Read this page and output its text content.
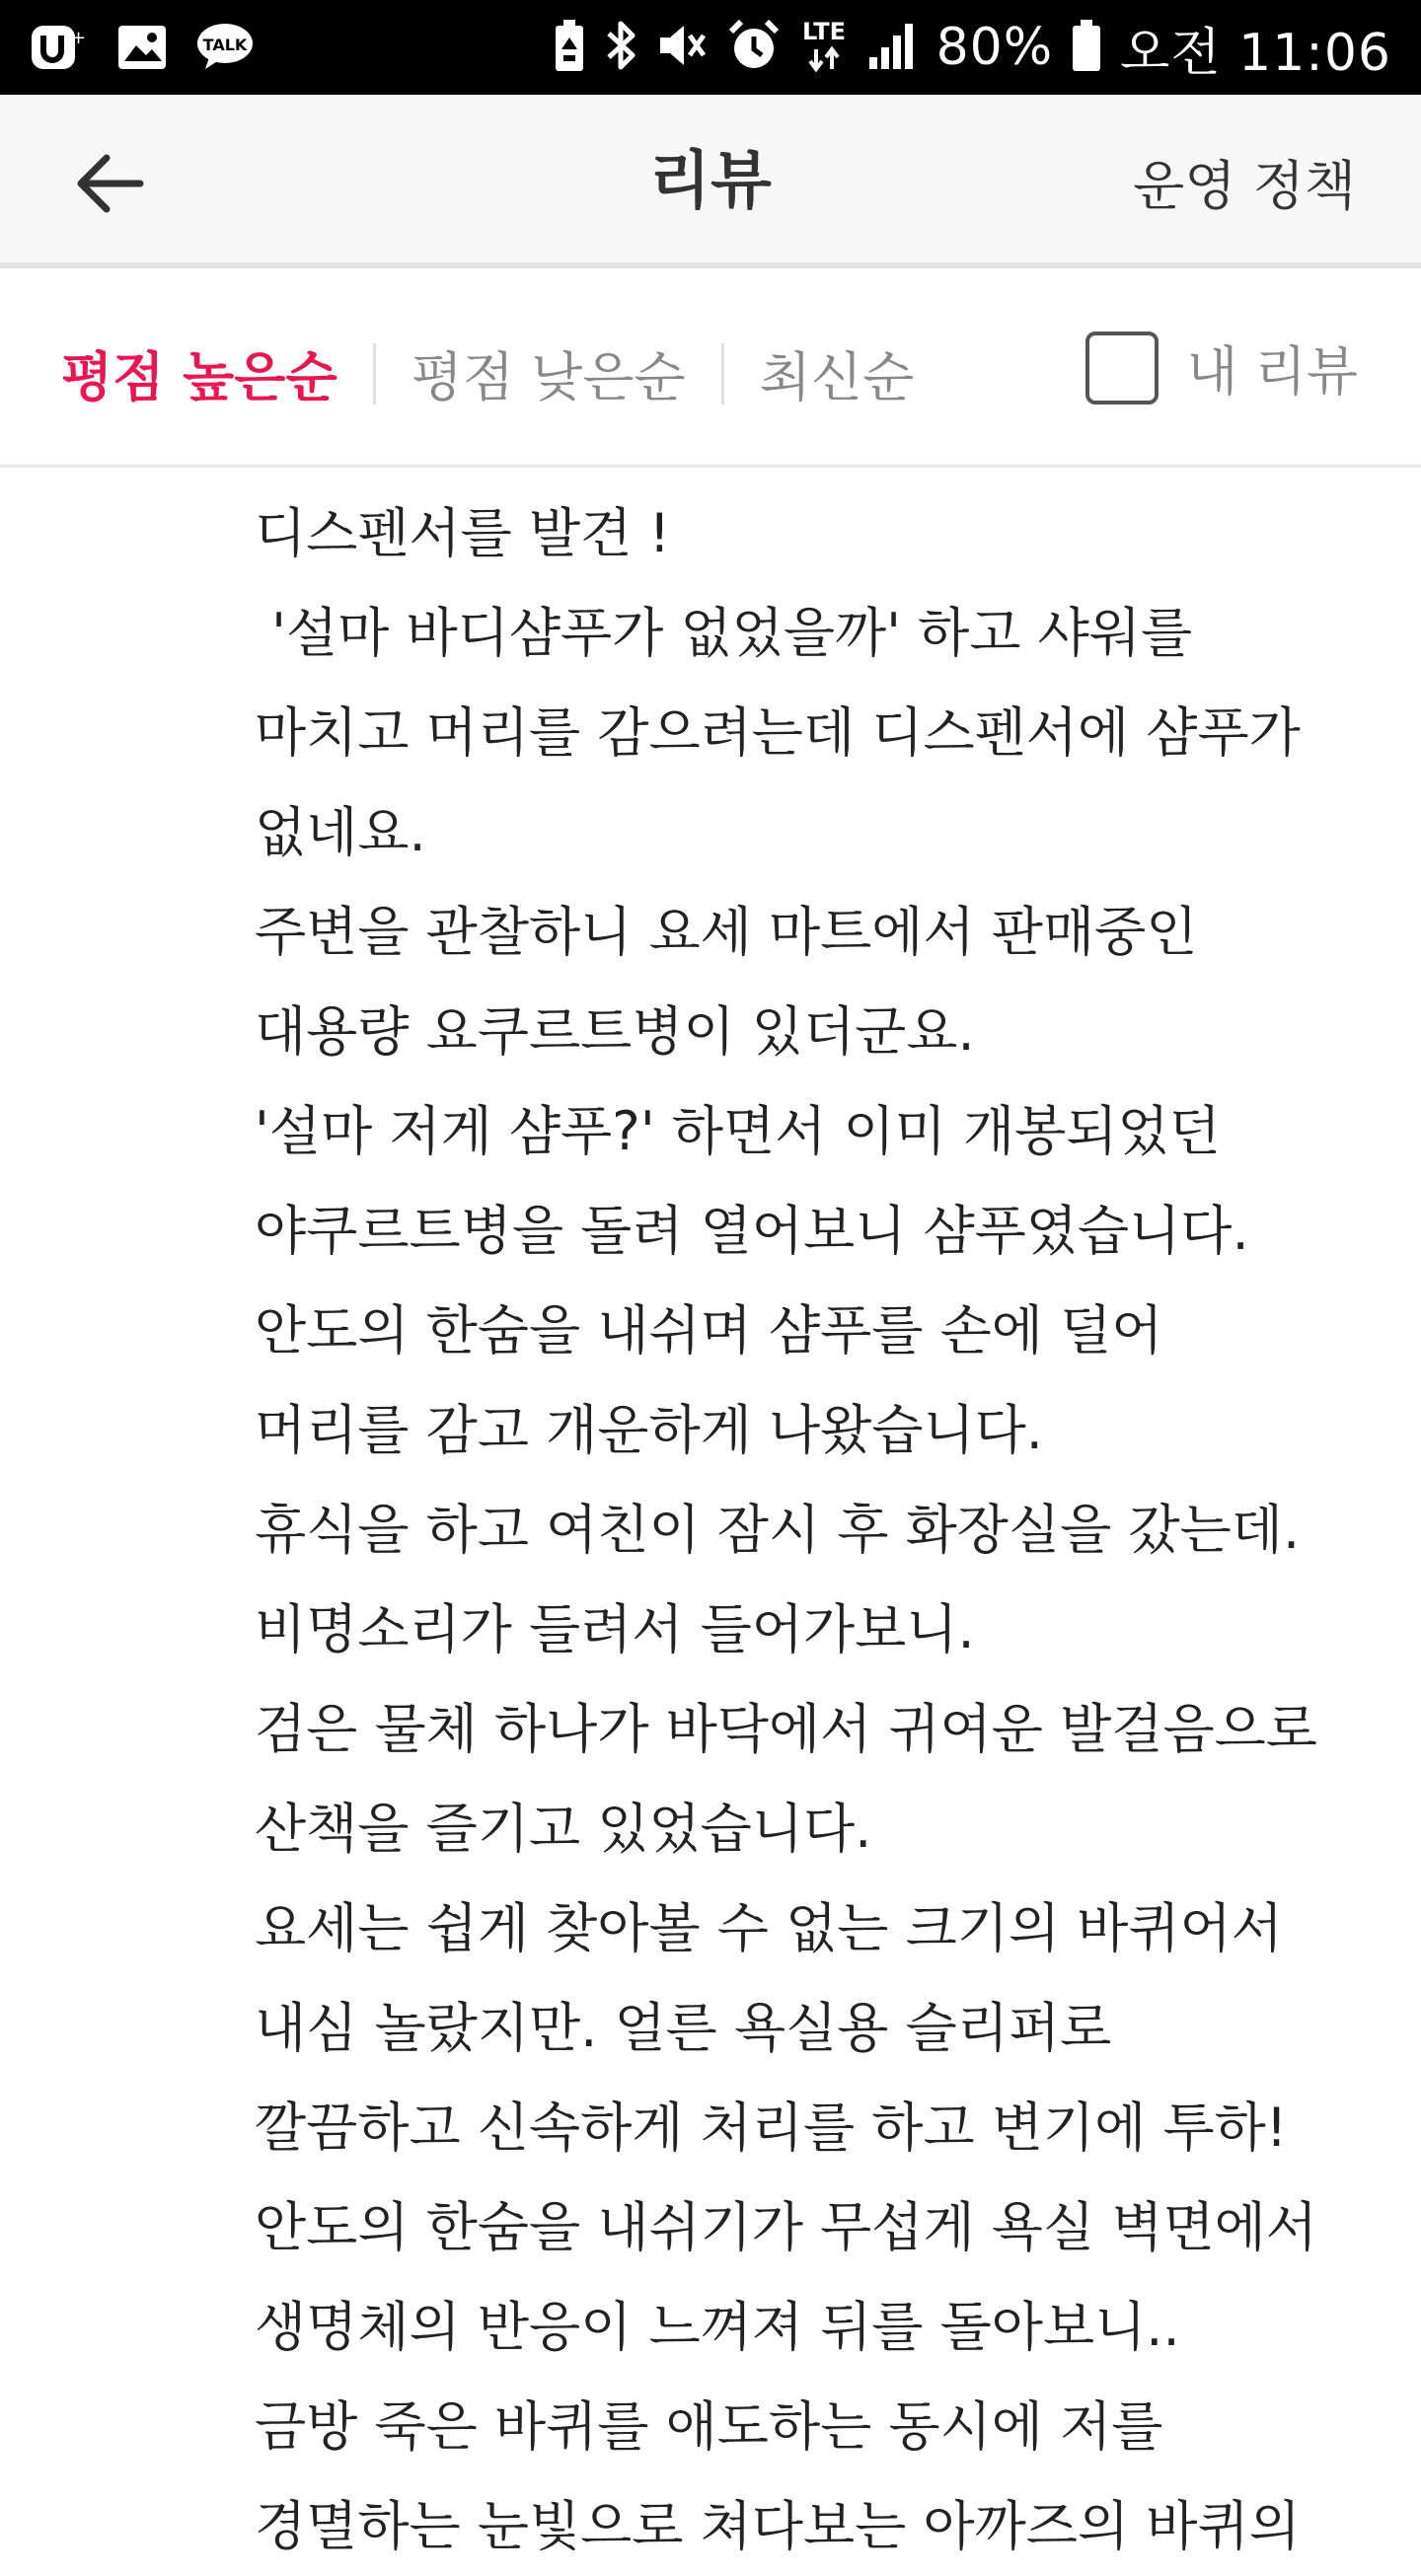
+	TALK	LTE 80% 오전 11:06
리뷰	운영 정책
평점 높은순 평점 낮은순 최신순	내 리뷰
디스펜서를 발견 !
'설마 바디샴푸가 없었을까' 하고 샤워를
마치고 머리를 감으려는데 디스펜서에 샴푸가
없네요.
주변을 관찰하니 요세 마트에서 판매중인
대용량 요쿠르트병이 있더군요.
'설마 저게 샴푸?' 하면서 이미 개봉되었던
야쿠르트병을 돌려 열어보니 샴푸였습니다.
안도의 한숨을 내쉬며 샴푸를 손에 덜어
머리를 감고 개운하게 나왔습니다.
휴식을 하고 여친이 잠시 후 화장실을 갔는데.
비명소리가 들려서 들어가보니.
검은 물체 하나가 바닥에서 귀여운 발걸음으로
산책을 즐기고 있었습니다.
요세는 쉽게 찾아볼 수 없는 크기의 바퀴어서
내심 놀랐지만. 얼른 욕실용 슬리퍼로
깔끔하고 신속하게 처리를 하고 변기에 투하!
안도의 한숨을 내쉬기가 무섭게 욕실 벽면에서
생명체의 반응이 느껴져 뒤를 돌아보니..
금방 죽은 바퀴를 애도하는 동시에 저를
경멸하는 눈빛으로 쳐다보는 아까즈의 바퀴의
